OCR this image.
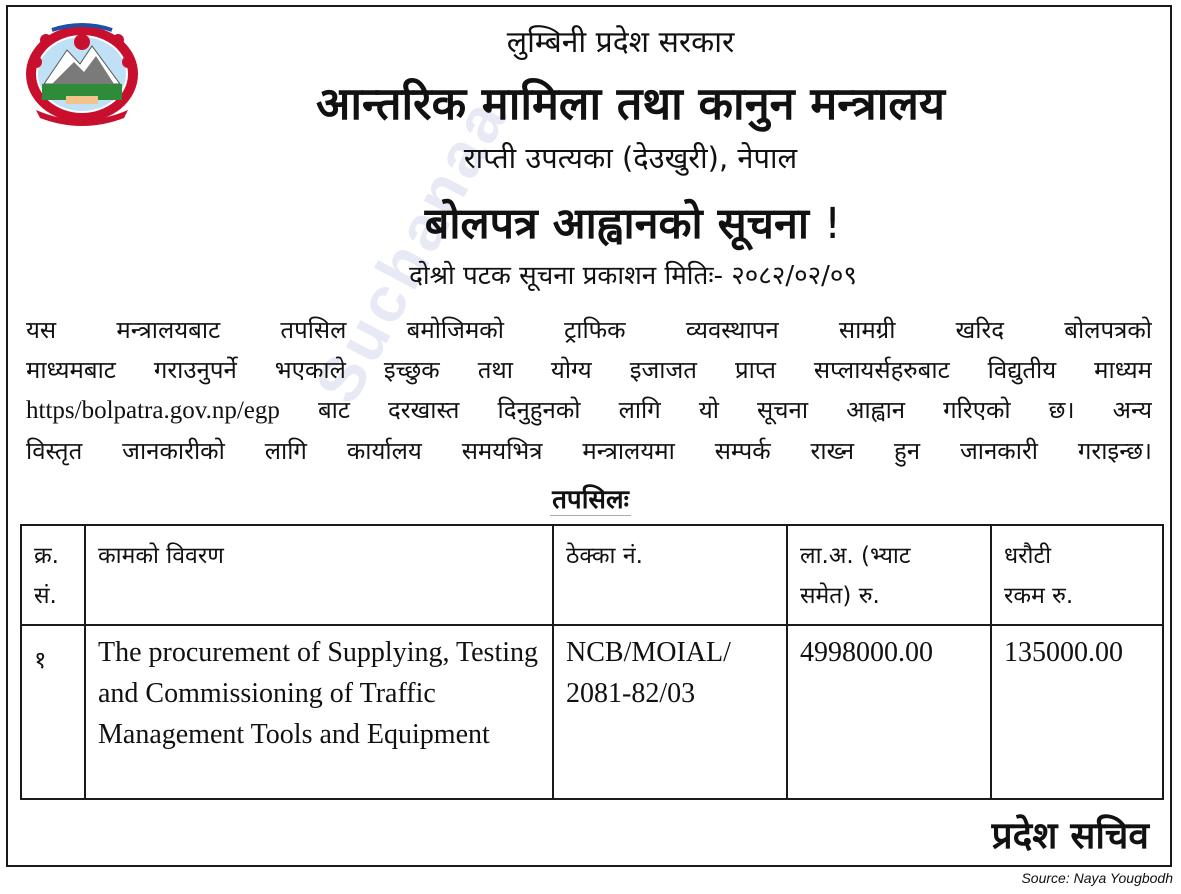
Suchanaa
लुम्बिनी प्रदेश सरकार
आन्तरिक मामिला तथा कानुन मन्त्रालय
राप्ती उपत्यका (देउखुरी), नेपाल
बोलपत्र आह्वानको सूचना !
दोश्रो पटक सूचना प्रकाशन मितिः- २०८२/०२/०९
यस मन्त्रालयबाट तपसिल बमोजिमको ट्राफिक व्यवस्थापन सामग्री खरिद बोलपत्रको
माध्यमबाट गराउनुपर्ने भएकाले इच्छुक तथा योग्य इजाजत प्राप्त सप्लायर्सहरुबाट विद्युतीय माध्यम
https/bolpatra.gov.np/egp बाट दरखास्त दिनुहुनको लागि यो सूचना आह्वान गरिएको छ। अन्य
विस्तृत जानकारीको लागि कार्यालय समयभित्र मन्त्रालयमा सम्पर्क राख्न हुन जानकारी गराइन्छ।
तपसिलः
क्र.
सं.	कामको विवरण	ठेक्का नं.	ला.अ. (भ्याट
समेत) रु.	धरौटी
रकम रु.
१	The procurement of Supplying, Testing and Commissioning of Traffic Management Tools and Equipment	NCB/MOIAL/
2081-82/03	4998000.00	135000.00
प्रदेश सचिव
Source: Naya Yougbodh
